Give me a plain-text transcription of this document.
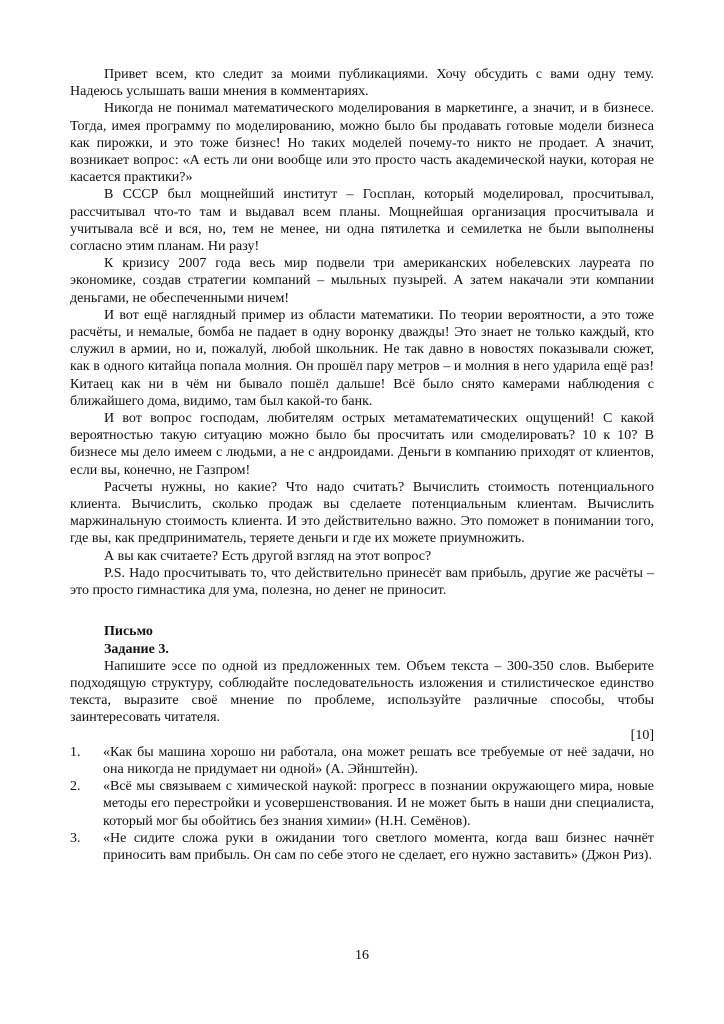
Привет всем, кто следит за моими публикациями. Хочу обсудить с вами одну тему. Надеюсь услышать ваши мнения в комментариях.

Никогда не понимал математического моделирования в маркетинге, а значит, и в бизнесе. Тогда, имея программу по моделированию, можно было бы продавать готовые модели бизнеса как пирожки, и это тоже бизнес! Но таких моделей почему-то никто не продает. А значит, возникает вопрос: «А есть ли они вообще или это просто часть академической науки, которая не касается практики?»

В СССР был мощнейший институт – Госплан, который моделировал, просчитывал, рассчитывал что-то там и выдавал всем планы. Мощнейшая организация просчитывала и учитывала всё и вся, но, тем не менее, ни одна пятилетка и семилетка не были выполнены согласно этим планам. Ни разу!

К кризису 2007 года весь мир подвели три американских нобелевских лауреата по экономике, создав стратегии компаний – мыльных пузырей. А затем накачали эти компании деньгами, не обеспеченными ничем!

И вот ещё наглядный пример из области математики. По теории вероятности, а это тоже расчёты, и немалые, бомба не падает в одну воронку дважды! Это знает не только каждый, кто служил в армии, но и, пожалуй, любой школьник. Не так давно в новостях показывали сюжет, как в одного китайца попала молния. Он прошёл пару метров – и молния в него ударила ещё раз! Китаец как ни в чём ни бывало пошёл дальше! Всё было снято камерами наблюдения с ближайшего дома, видимо, там был какой-то банк.

И вот вопрос господам, любителям острых метаматематических ощущений! С какой вероятностью такую ситуацию можно было бы просчитать или смоделировать? 10 к 10? В бизнесе мы дело имеем с людьми, а не с андроидами. Деньги в компанию приходят от клиентов, если вы, конечно, не Газпром!

Расчеты нужны, но какие? Что надо считать? Вычислить стоимость потенциального клиента. Вычислить, сколько продаж вы сделаете потенциальным клиентам. Вычислить маржинальную стоимость клиента. И это действительно важно. Это поможет в понимании того, где вы, как предприниматель, теряете деньги и где их можете приумножить.

А вы как считаете? Есть другой взгляд на этот вопрос?

P.S. Надо просчитывать то, что действительно принесёт вам прибыль, другие же расчёты – это просто гимнастика для ума, полезна, но денег не приносит.

Письмо

Задание 3.

Напишите эссе по одной из предложенных тем. Объем текста – 300-350 слов. Выберите подходящую структуру, соблюдайте последовательность изложения и стилистическое единство текста, выразите своё мнение по проблеме, используйте различные способы, чтобы заинтересовать читателя.

[10]

1. «Как бы машина хорошо ни работала, она может решать все требуемые от неё задачи, но она никогда не придумает ни одной» (А. Эйнштейн).
2. «Всё мы связываем с химической наукой: прогресс в познании окружающего мира, новые методы его перестройки и усовершенствования. И не может быть в наши дни специалиста, который мог бы обойтись без знания химии» (Н.Н. Семёнов).
3. «Не сидите сложа руки в ожидании того светлого момента, когда ваш бизнес начнёт приносить вам прибыль. Он сам по себе этого не сделает, его нужно заставить» (Джон Риз).
16
